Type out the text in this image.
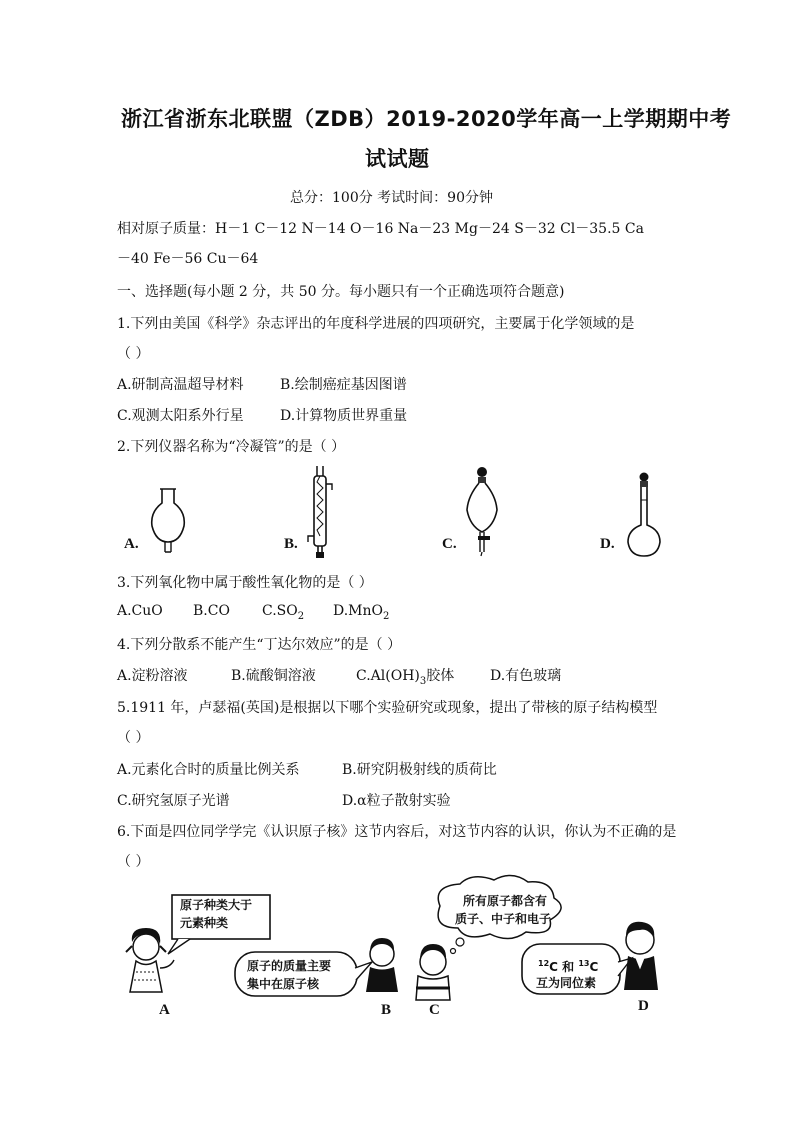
浙江省浙东北联盟（ZDB）2019-2020学年高一上学期期中考
试试题
总分：100分 考试时间：90分钟
相对原子质量：H－1 C－12 N－14 O－16 Na－23 Mg－24 S－32 Cl－35.5 Ca
－40 Fe－56 Cu－64
一、选择题(每小题 2 分，共 50 分。每小题只有一个正确选项符合题意)
1.下列由美国《科学》杂志评出的年度科学进展的四项研究，主要属于化学领域的是
（ ）
A.研制高温超导材料	B.绘制癌症基因图谱
C.观测太阳系外行星	D.计算物质世界重量
2.下列仪器名称为“冷凝管”的是（ ）
A.	B.	C.	D.
3.下列氧化物中属于酸性氧化物的是（ ）
A.CuO B.CO $C.SO_2$ D.MnO$_2$
4.下列分散系不能产生“丁达尔效应”的是（ ）
A.淀粉溶液	B.硫酸铜溶液	$C.Al(OH)_3$胶体	D.有色玻璃
5.1911 年，卢瑟福(英国)是根据以下哪个实验研究或现象，提出了带核的原子结构模型
（ ）
A.元素化合时的质量比例关系	B.研究阴极射线的质荷比
C.研究氢原子光谱	D.α粒子散射实验
6.下面是四位同学学完《认识原子核》这节内容后，对这节内容的认识，你认为不正确的是
（ ）
原子种类大于
元素种类
原子的质量主要
集中在原子核
所有原子都含有
质子、中子和电子
$^{12}$C 和 $^{13}$C
互为同位素
A	B	C	D
